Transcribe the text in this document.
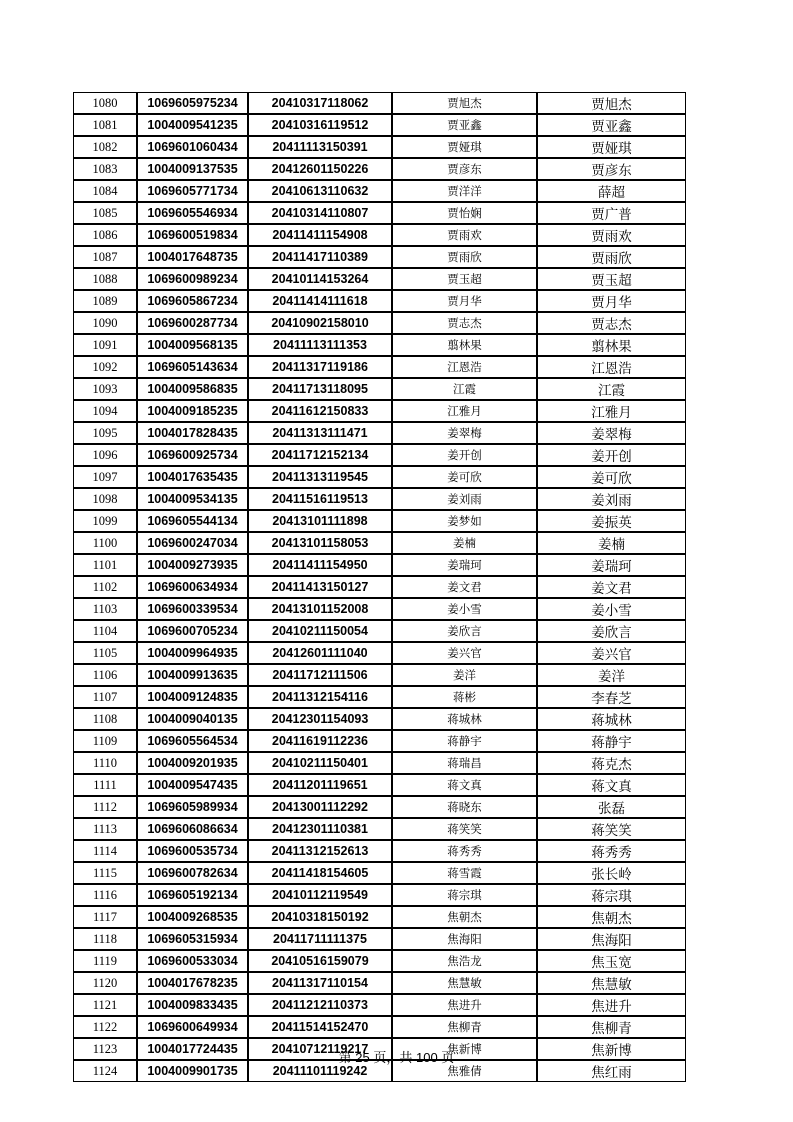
1080	1069605975234	20410317118062	贾旭杰	贾旭杰
1081	1004009541235	20410316119512	贾亚鑫	贾亚鑫
1082	1069601060434	20411113150391	贾娅琪	贾娅琪
1083	1004009137535	20412601150226	贾彦东	贾彦东
1084	1069605771734	20410613110632	贾洋洋	薛超
1085	1069605546934	20410314110807	贾怡娴	贾广普
1086	1069600519834	20411411154908	贾雨欢	贾雨欢
1087	1004017648735	20411417110389	贾雨欣	贾雨欣
1088	1069600989234	20410114153264	贾玉超	贾玉超
1089	1069605867234	20411414111618	贾月华	贾月华
1090	1069600287734	20410902158010	贾志杰	贾志杰
1091	1004009568135	20411113111353	翦林果	翦林果
1092	1069605143634	20411317119186	江恩浩	江恩浩
1093	1004009586835	20411713118095	江霞	江霞
1094	1004009185235	20411612150833	江雅月	江雅月
1095	1004017828435	20411313111471	姜翠梅	姜翠梅
1096	1069600925734	20411712152134	姜开创	姜开创
1097	1004017635435	20411313119545	姜可欣	姜可欣
1098	1004009534135	20411516119513	姜刘雨	姜刘雨
1099	1069605544134	20413101111898	姜梦如	姜振英
1100	1069600247034	20413101158053	姜楠	姜楠
1101	1004009273935	20411411154950	姜瑞珂	姜瑞珂
1102	1069600634934	20411413150127	姜文君	姜文君
1103	1069600339534	20413101152008	姜小雪	姜小雪
1104	1069600705234	20410211150054	姜欣言	姜欣言
1105	1004009964935	20412601111040	姜兴官	姜兴官
1106	1004009913635	20411712111506	姜洋	姜洋
1107	1004009124835	20411312154116	蒋彬	李春芝
1108	1004009040135	20412301154093	蒋城林	蒋城林
1109	1069605564534	20411619112236	蒋静宇	蒋静宇
1110	1004009201935	20410211150401	蒋瑞昌	蒋克杰
1111	1004009547435	20411201119651	蒋文真	蒋文真
1112	1069605989934	20413001112292	蒋晓东	张磊
1113	1069606086634	20412301110381	蒋笑笑	蒋笑笑
1114	1069600535734	20411312152613	蒋秀秀	蒋秀秀
1115	1069600782634	20411418154605	蒋雪霞	张长岭
1116	1069605192134	20410112119549	蒋宗琪	蒋宗琪
1117	1004009268535	20410318150192	焦朝杰	焦朝杰
1118	1069605315934	20411711111375	焦海阳	焦海阳
1119	1069600533034	20410516159079	焦浩龙	焦玉宽
1120	1004017678235	20411317110154	焦慧敏	焦慧敏
1121	1004009833435	20411212110373	焦进升	焦进升
1122	1069600649934	20411514152470	焦柳青	焦柳青
1123	1004017724435	20410712119217	焦新博	焦新博
1124	1004009901735	20411101119242	焦雅倩	焦红雨
第 25 页，共 100 页
